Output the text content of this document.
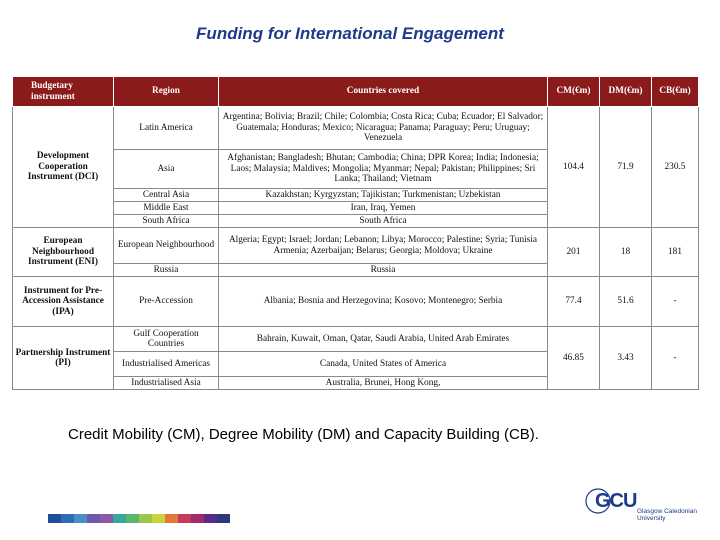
Funding for International Engagement
Budgetary instrument	Region	Countries covered	CM(€m)	DM(€m)	CB(€m)
Development Cooperation Instrument (DCI)	Latin America	Argentina; Bolivia; Brazil; Chile; Colombia; Costa Rica; Cuba; Ecuador; El Salvador; Guatemala; Honduras; Mexico; Nicaragua; Panama; Paraguay; Peru; Uruguay; Venezuela	104.4	71.9	230.5
	Asia	Afghanistan; Bangladesh; Bhutan; Cambodia; China; DPR Korea; India; Indonesia; Laos; Malaysia; Maldives; Mongolia; Myanmar; Nepal; Pakistan; Philippines; Sri Lanka; Thailand; Vietnam			
	Central Asia	Kazakhstan; Kyrgyzstan; Tajikistan; Turkmenistan; Uzbekistan			
	Middle East	Iran, Iraq, Yemen			
	South Africa	South Africa			
European Neighbourhood Instrument (ENI)	European Neighbourhood	Algeria; Egypt; Israel; Jordan; Lebanon; Libya; Morocco; Palestine; Syria; Tunisia Armenia; Azerbaijan; Belarus; Georgia; Moldova; Ukraine	201	18	181
	Russia	Russia			
Instrument for Pre-Accession Assistance (IPA)	Pre-Accession	Albania; Bosnia and Herzegovina; Kosovo; Montenegro; Serbia	77.4	51.6	-
Partnership Instrument (PI)	Gulf Cooperation Countries	Bahrain, Kuwait, Oman, Qatar, Saudi Arabia, United Arab Emirates	46.85	3.43	-
	Industrialised Americas	Canada, United States of America			
	Industrialised Asia	Australia, Brunei, Hong Kong,			
Credit Mobility (CM), Degree Mobility (DM) and Capacity Building (CB).
GCU Glasgow Caledonian University
